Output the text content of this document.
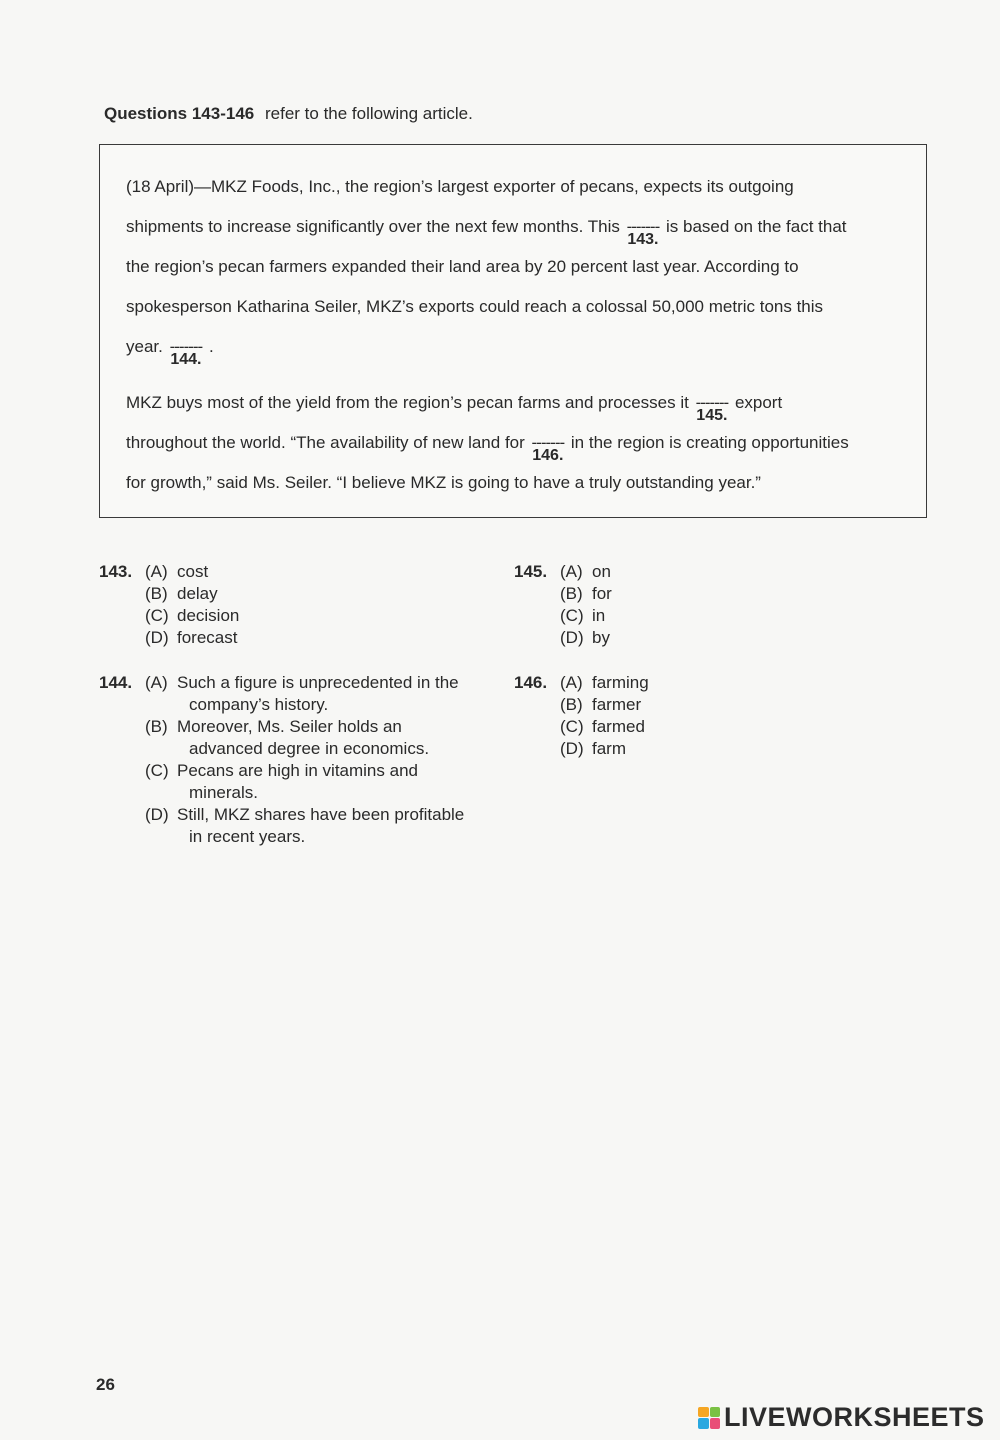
Questions 143-146 refer to the following article.
(18 April)—MKZ Foods, Inc., the region’s largest exporter of pecans, expects its outgoing
shipments to increase significantly over the next few months. This -------
143.
is based on the fact that
the region’s pecan farmers expanded their land area by 20 percent last year. According to
spokesperson Katharina Seiler, MKZ’s exports could reach a colossal 50,000 metric tons this
year. -------
144.
.
MKZ buys most of the yield from the region’s pecan farms and processes it -------
145.
export
throughout the world. “The availability of new land for -------
146.
in the region is creating opportunities
for growth,” said Ms. Seiler. “I believe MKZ is going to have a truly outstanding year.”
143. (A) cost
(B) delay
(C) decision
(D) forecast
144. (A) Such a figure is unprecedented in the
company’s history.
(B) Moreover, Ms. Seiler holds an
advanced degree in economics.
(C) Pecans are high in vitamins and
minerals.
(D) Still, MKZ shares have been profitable
in recent years.
145. (A) on
(B) for
(C) in
(D) by
146. (A) farming
(B) farmer
(C) farmed
(D) farm
26
LIVEWORKSHEETS
